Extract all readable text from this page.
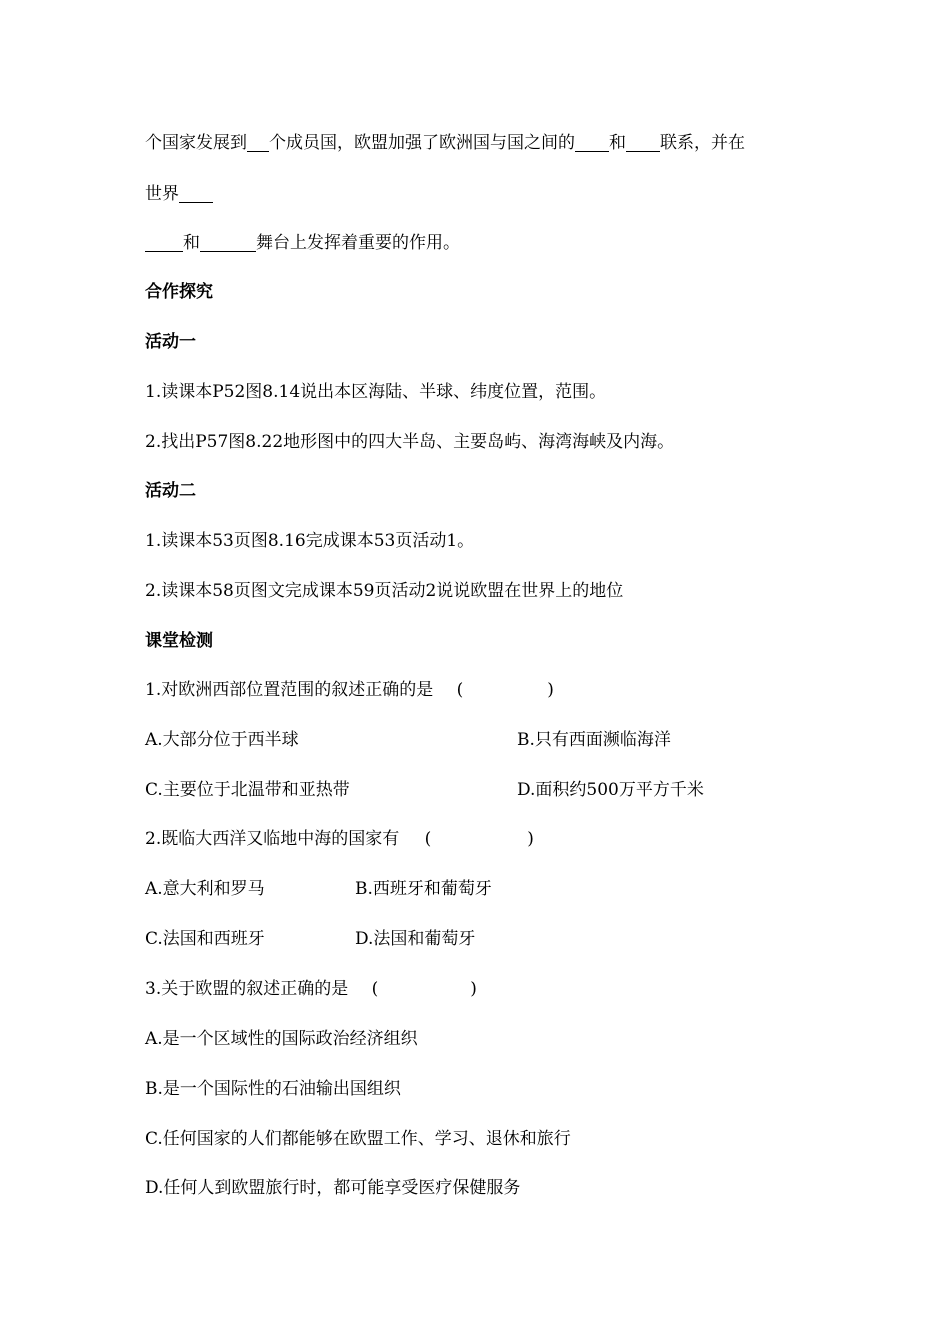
个国家发展到 个成员国，欧盟加强了欧洲国与国之间的 和 联系，并在
世界
和	舞台上发挥着重要的作用。
合作探究
活动一
1.读课本P52图8.14说出本区海陆、半球、纬度位置，范围。
2.找出P57图8.22地形图中的四大半岛、主要岛屿、海湾海峡及内海。
活动二
1.读课本53页图8.16完成课本53页活动1。
2.读课本58页图文完成课本59页活动2说说欧盟在世界上的地位
课堂检测
1.对欧洲西部位置范围的叙述正确的是 (	)
A.大部分位于西半球	B.只有西面濒临海洋
C.主要位于北温带和亚热带	D.面积约500万平方千米
2.既临大西洋又临地中海的国家有 (	)
A.意大利和罗马	B.西班牙和葡萄牙
C.法国和西班牙	D.法国和葡萄牙
3.关于欧盟的叙述正确的是 (	)
A.是一个区域性的国际政治经济组织
B.是一个国际性的石油输出国组织
C.任何国家的人们都能够在欧盟工作、学习、退休和旅行
D.任何人到欧盟旅行时，都可能享受医疗保健服务
